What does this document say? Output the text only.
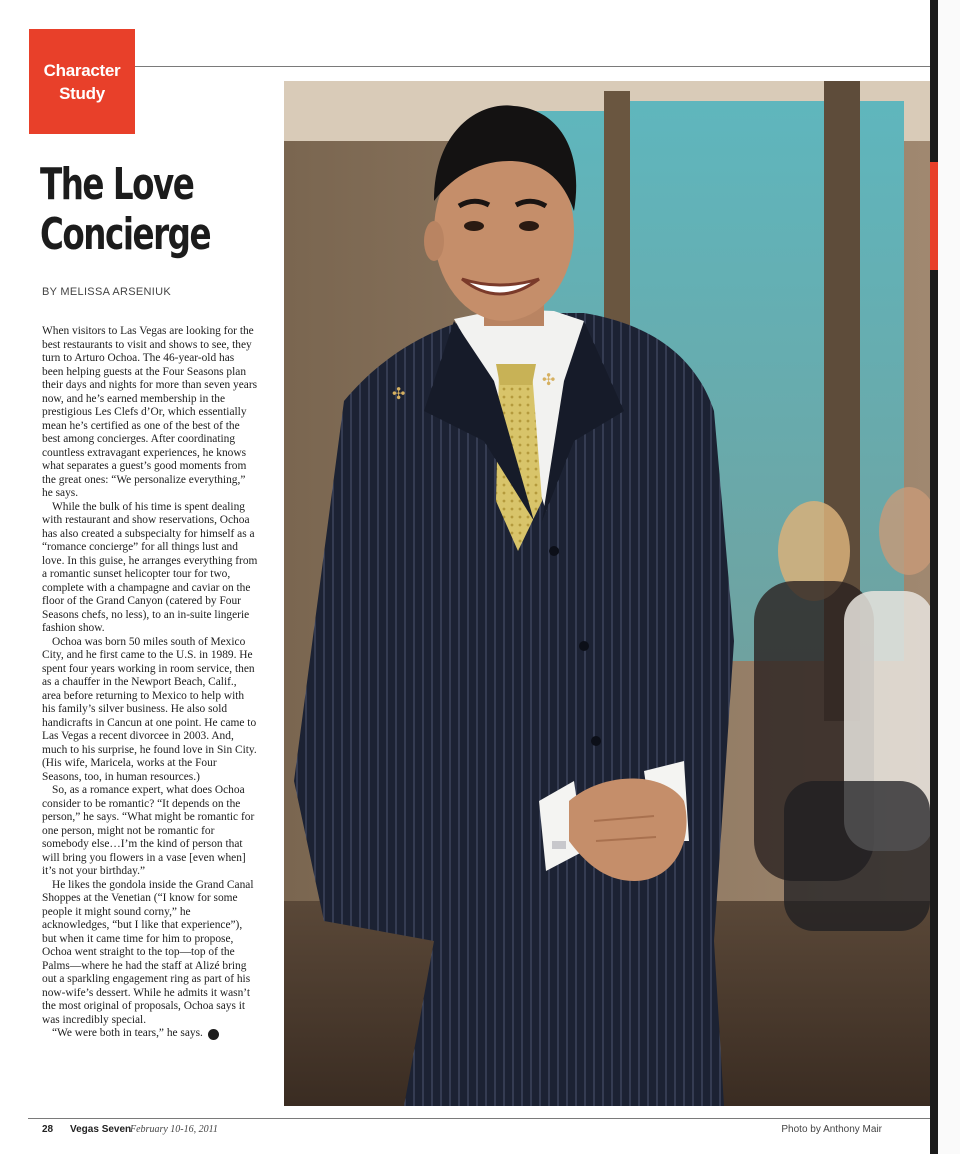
Character
Study
The Love
Concierge
BY MELISSA ARSENIUK

When visitors to Las Vegas are looking for the best restaurants to visit and shows to see, they turn to Arturo Ochoa. The 46-year-old has been helping guests at the Four Seasons plan their days and nights for more than seven years now, and he’s earned membership in the prestigious Les Clefs d’Or, which essentially mean he’s certified as one of the best of the best among concierges. After coordinating countless extravagant experiences, he knows what separates a guest’s good moments from the great ones: “We personalize everything,” he says.

While the bulk of his time is spent dealing with restaurant and show reservations, Ochoa has also created a subspecialty for himself as a “romance concierge” for all things lust and love. In this guise, he arranges everything from a romantic sunset helicopter tour for two, complete with a champagne and caviar on the floor of the Grand Canyon (catered by Four Seasons chefs, no less), to an in-suite lingerie fashion show.

Ochoa was born 50 miles south of Mexico City, and he first came to the U.S. in 1989. He spent four years working in room service, then as a chauffer in the Newport Beach, Calif., area before returning to Mexico to help with his family’s silver business. He also sold handicrafts in Cancun at one point. He came to Las Vegas a recent divorcee in 2003. And, much to his surprise, he found love in Sin City. (His wife, Maricela, works at the Four Seasons, too, in human resources.)

So, as a romance expert, what does Ochoa consider to be romantic? “It depends on the person,” he says. “What might be romantic for one person, might not be romantic for somebody else…I’m the kind of person that will bring you flowers in a vase [even when] it’s not your birthday.”

He likes the gondola inside the Grand Canal Shoppes at the Venetian (“I know for some people it might sound corny,” he acknowledges, “but I like that experience”), but when it came time for him to propose, Ochoa went straight to the top—top of the Palms—where he had the staff at Alizé bring out a sparkling engagement ring as part of his now-wife’s dessert. While he admits it wasn’t the most original of proposals, Ochoa says it was incredibly special.

“We were both in tears,” he says. 7

✣
✣
28 Vegas Seven
February 10-16, 2011	Photo by Anthony Mair
